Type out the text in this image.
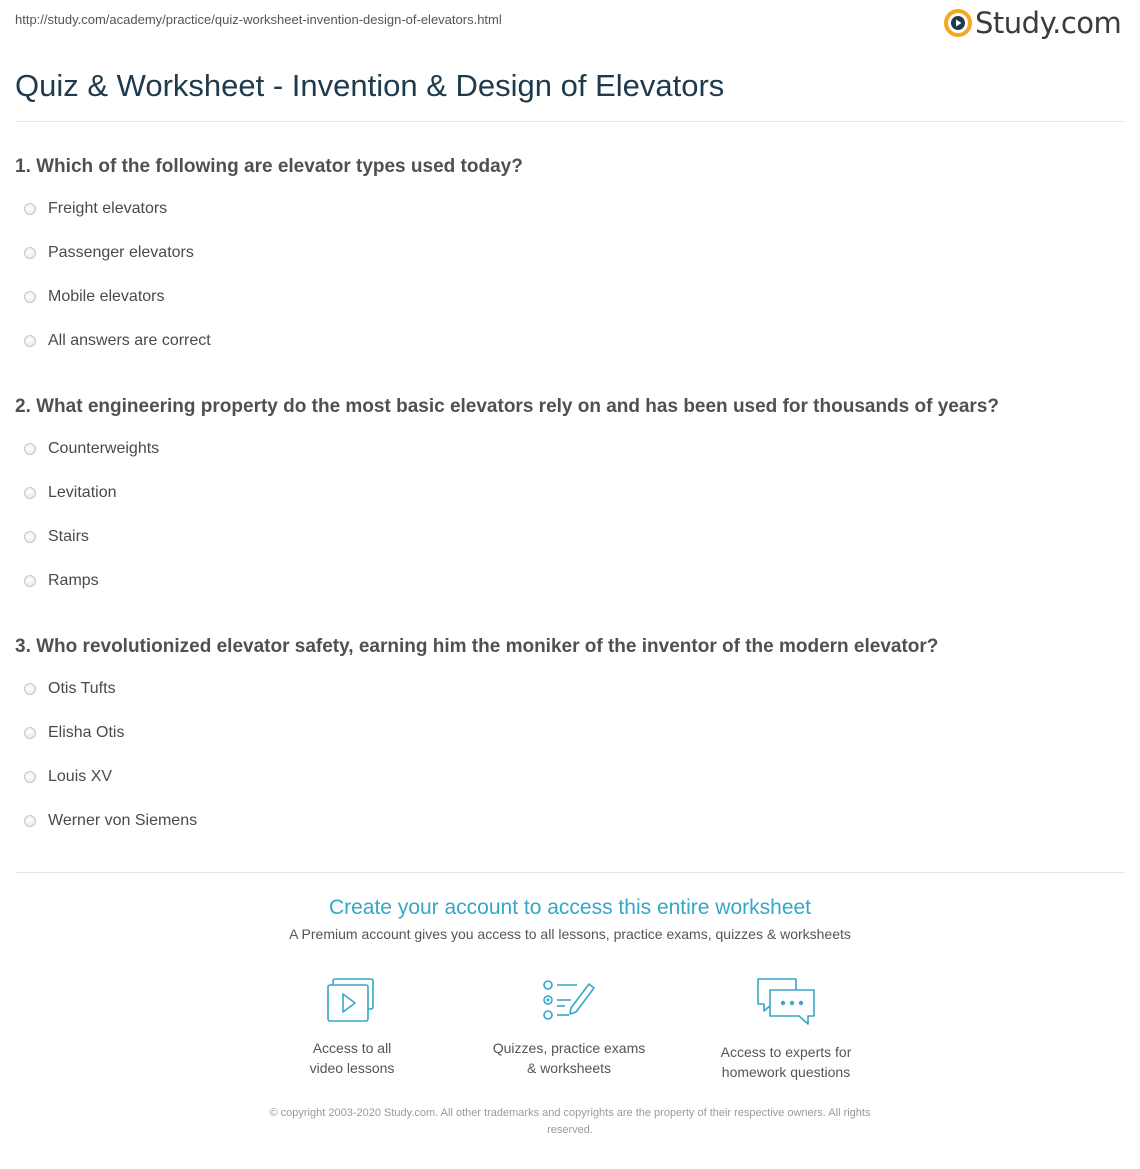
http://study.com/academy/practice/quiz-worksheet-invention-design-of-elevators.html	Study.com
Quiz & Worksheet - Invention & Design of Elevators
1. Which of the following are elevator types used today?
Freight elevators
Passenger elevators
Mobile elevators
All answers are correct
2. What engineering property do the most basic elevators rely on and has been used for thousands of years?
Counterweights
Levitation
Stairs
Ramps
3. Who revolutionized elevator safety, earning him the moniker of the inventor of the modern elevator?
Otis Tufts
Elisha Otis
Louis XV
Werner von Siemens
Create your account to access this entire worksheet
A Premium account gives you access to all lessons, practice exams, quizzes & worksheets
Access to all
video lessons
Quizzes, practice exams
& worksheets
Access to experts for
homework questions
© copyright 2003-2020 Study.com. All other trademarks and copyrights are the property of their respective owners. All rights
reserved.
